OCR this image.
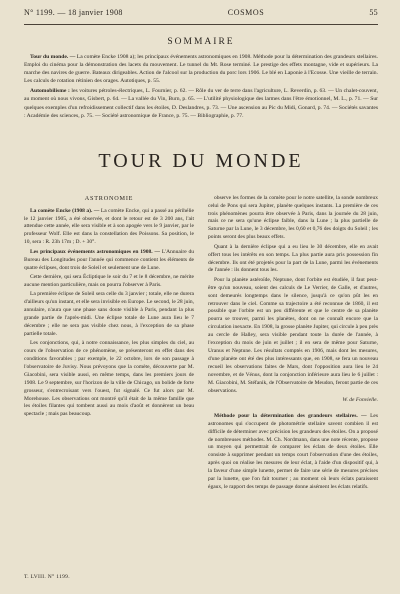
N° 1199. — 18 janvier 1908	COSMOS	55
SOMMAIRE

Tour du monde. — La comète Encke 1908 a); les principaux événements astronomiques en 1908. Méthode pour la détermination des grandeurs stellaires. Emploi du cinéma pour la démonstration des lacets du mouvement. Le tunnel du Mt. Rose terminé. Le prestige des effets montagne, vide et supérieurs. La marche des navires de guerre. Bateaux dirigeables. Action de l'alcool sur la production du porc lors 1906. Le blé en Laponie à l'Ecosse. Une vieille de terrain. Les calculs de rotation rétinien des orages. Autotiques, p. 55.

Automobilisme : les voitures pétroles-électriques, L. Fournier, p. 62. — Rôle du ver de terre dans l'agriculture, L. Reverdin, p. 63. — Un chalet-couvent, au moment où nous vivons, Gisbert, p. 64. — La vallée du Vin, Burn, p. 65. — L'utilité physiologique des larmes dans l'être émotionnel, M. L., p. 71. — Sur quelques exemples d'un refroidissement collectif dans les étoiles, D. Deslandres, p. 73. — Une ascension au Pic du Midi, Gonard, p. 74. — Sociétés savantes : Académie des sciences, p. 75. — Société astronomique de France, p. 75. — Bibliographie, p. 77.

TOUR DU MONDE

ASTRONOMIE

La comète Encke (1908 a). — La comète Encke, qui a passé au périhélie le 12 janvier 1905, a été observée, et dont le retour est de 3 200 ans, l'ait attendue cette année, elle sera visible et à son apogée vers le 9 janvier, par le professeur Wolf. Elle est dans la constellation des Poissons. Sa position, le 10, sera : R. 23h 17m ; D. + 30°.

Les principaux événements astronomiques en 1908. — L'Annuaire du Bureau des Longitudes pour l'année qui commence contient les éléments de quatre éclipses, dont trois de Soleil et seulement une de Lune.

Cette dernière, qui sera Écliptique le soir du 7 et le 8 décembre, ne mérite aucune mention particulière, mais on pourra l'observer à Paris.

La première éclipse de Soleil sera celle du 3 janvier ; totale, elle ne durera d'ailleurs qu'un instant, et elle sera invisible en Europe. Le second, le 28 juin, annulaire, n'aura que une phase sans doute visible à Paris, pendant la plus grande partie de l'après-midi. Une éclipse totale de Lune aura lieu le 7 décembre ; elle ne sera pas visible chez nous, à l'exception de sa phase partielle totale.

Les conjonctions, qui, à notre connaissance, les plus simples du ciel, au cours de l'observation de ce phénomène, se présenteront en effet dans des conditions favorables ; par exemple, le 22 octobre, lors de son passage à l'observatoire de Juvisy. Nous prévoyons que la comète, découverte par M. Giacobini, sera visible aussi, en même temps, dans les premiers jours de 1908. Le 9 septembre, sur l'horizon de la ville de Chicago, un bolide de forte grosseur, s'entrecroisant vers l'ouest, fut signalé. Ce fut alors par M. Morehouse. Les observations ont montré qu'il était de la même famille que les étoiles filantes qui tombent aussi au mois d'août et donnèrent un beau spectacle ; mais pas beaucoup.

observe les formes de la comète pour le notre satellite, la sonde nombreux celui de Pons qui sera Jupiter, planète quelques instants. La première de ces trois phénomènes pourra être observée à Paris, dans la journée du 28 juin, mais ce ne sera qu'une éclipse faible, dans la Lune ; la plus partielle de Saturne par la Lune, le 3 décembre, les 0,60 et 0,76 des doigts du Soleil ; les points seront des plus beaux effets.

Quant à la dernière éclipse qui a eu lieu le 30 décembre, elle en avait offert tous les intérêts en son temps. La plus partie aura pris possession fin décembre. Ils ont été projetés pour la part de la Lune, parmi les événements de l'année : ils donnent tous les.

Pour la planète astéroïde, Neptune, dont l'orbite est étudiée, il faut peut-être qu'un nouveau, soient des calculs de Le Verrier, de Galle, et d'autres, sont demeurés longtemps dans le silence, jusqu'à ce qu'on pût les en retrouver dans le ciel. Comme sa trajectoire a été reconnue de 1860, il est possible que l'orbite est un peu différente et que le centre de sa planète pourra se trouver, parmi les planètes, dont on ne connaît encore que la circulation inexacte. En 1908, la grosse planète Jupiter, qui circule à peu près au cercle de Halley, sera visible pendant toute la durée de l'année, à l'exception du mois de juin et juillet ; il en sera de même pour Saturne, Uranus et Neptune. Les résultats comptés en 1906, mais dont les mesures, d'une planète ont été des plus intéressants que, en 1908, se fera un nouveau recueil les observations faites de Mars, dont l'opposition aura lieu le 24 novembre, et de Vénus, dont la conjonction inférieure aura lieu le 6 juillet : M. Giacobini, M. Stéfanik, de l'Observatoire de Meudon, feront partie de ces observations.

W. de Fonvielle.

Méthode pour la détermination des grandeurs stellaires. — Les astronomes qui s'occupent de photométrie stellaire savent combien il est difficile de déterminer avec précision les grandeurs des étoiles. On a proposé de nombreuses méthodes. M. Ch. Nordmann, dans une note récente, propose un moyen qui permettrait de comparer les éclats de deux étoiles. Elle consiste à supprimer pendant un temps court l'observation d'une des étoiles, après quoi on réalise les mesures de leur éclat, à l'aide d'un dispositif qui, à la faveur d'une simple lunette, permet de faire une série de mesures précises par la lunette, que l'on fait tourner ; au moment où leurs éclats paraissent égaux, le rapport des temps de passage donne aisément les éclats relatifs.

T. LVIII. N° 1199.
